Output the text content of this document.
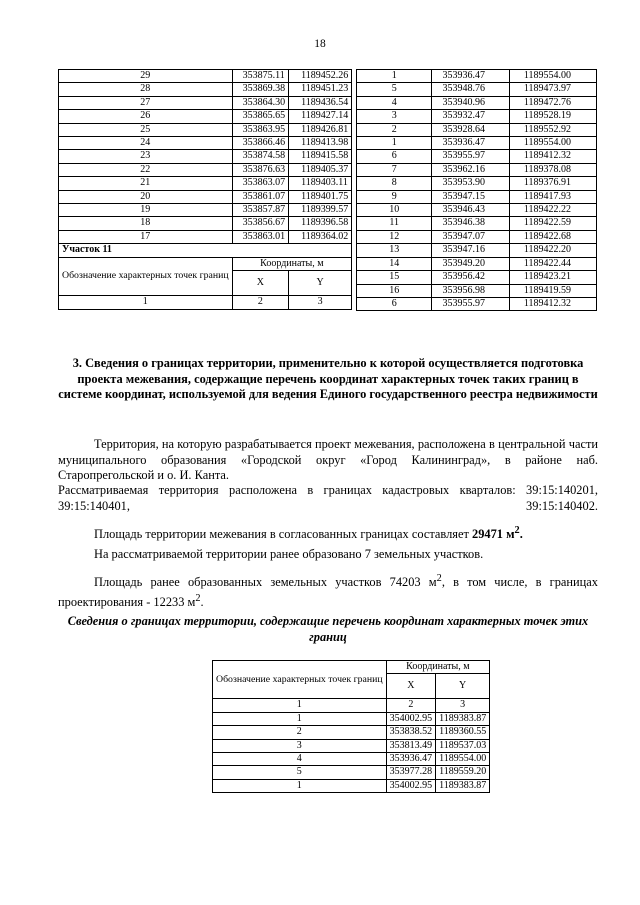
18
29	353875.11	1189452.26
28	353869.38	1189451.23
27	353864.30	1189436.54
26	353865.65	1189427.14
25	353863.95	1189426.81
24	353866.46	1189413.98
23	353874.58	1189415.58
22	353876.63	1189405.37
21	353863.07	1189403.11
20	353861.07	1189401.75
19	353857.87	1189399.57
18	353856.67	1189396.58
17	353863.01	1189364.02
Участок 11		
Обозначение характерных точек границ	Координаты, м	
	X	Y
1	2	3
1	353936.47	1189554.00
5	353948.76	1189473.97
4	353940.96	1189472.76
3	353932.47	1189528.19
2	353928.64	1189552.92
1	353936.47	1189554.00
6	353955.97	1189412.32
7	353962.16	1189378.08
8	353953.90	1189376.91
9	353947.15	1189417.93
10	353946.43	1189422.22
11	353946.38	1189422.59
12	353947.07	1189422.68
13	353947.16	1189422.20
14	353949.20	1189422.44
15	353956.42	1189423.21
16	353956.98	1189419.59
6	353955.97	1189412.32
3. Сведения о границах территории, применительно к которой осуществляется подготовка проекта межевания, содержащие перечень координат характерных точек таких границ в системе координат, используемой для ведения Единого государственного реестра недвижимости
Территория, на которую разрабатывается проект межевания, расположена в центральной части муниципального образования «Городской округ «Город Калининград», в районе наб. Старопрегольской и о. И. Канта.
Рассматриваемая территория расположена в границах кадастровых кварталов: 39:15:140201, 39:15:140401, 39:15:140402.
Площадь территории межевания в согласованных границах составляет 29471 $м^2$.
На рассматриваемой территории ранее образовано 7 земельных участков.
Площадь ранее образованных земельных участков 74203 $м^2$, в том числе, в границах проектирования - 12233 $м^2$.
Сведения о границах территории, содержащие перечень координат характерных точек этих границ
Обозначение характерных точек границ	Координаты, м	
	X	Y
1	2	3
1	354002.95	1189383.87
2	353838.52	1189360.55
3	353813.49	1189537.03
4	353936.47	1189554.00
5	353977.28	1189559.20
1	354002.95	1189383.87
